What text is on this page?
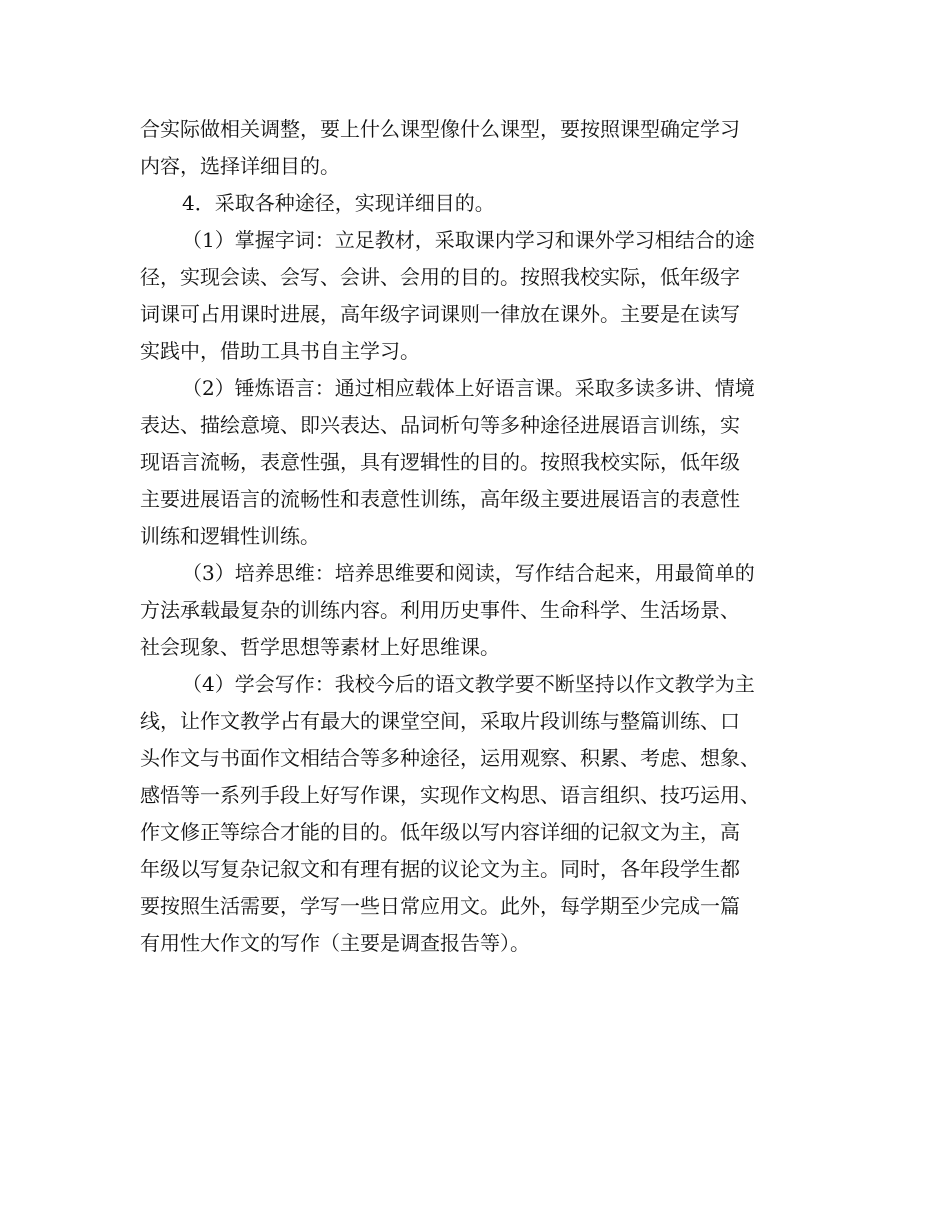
合实际做相关调整，要上什么课型像什么课型，要按照课型确定学习
内容，选择详细目的。
4．采取各种途径，实现详细目的。
（1）掌握字词：立足教材，采取课内学习和课外学习相结合的途
径，实现会读、会写、会讲、会用的目的。按照我校实际，低年级字
词课可占用课时进展，高年级字词课则一律放在课外。主要是在读写
实践中，借助工具书自主学习。
（2）锤炼语言：通过相应载体上好语言课。采取多读多讲、情境
表达、描绘意境、即兴表达、品词析句等多种途径进展语言训练，实
现语言流畅，表意性强，具有逻辑性的目的。按照我校实际，低年级
主要进展语言的流畅性和表意性训练，高年级主要进展语言的表意性
训练和逻辑性训练。
（3）培养思维：培养思维要和阅读，写作结合起来，用最简单的
方法承载最复杂的训练内容。利用历史事件、生命科学、生活场景、
社会现象、哲学思想等素材上好思维课。
（4）学会写作：我校今后的语文教学要不断坚持以作文教学为主
线，让作文教学占有最大的课堂空间，采取片段训练与整篇训练、口
头作文与书面作文相结合等多种途径，运用观察、积累、考虑、想象、
感悟等一系列手段上好写作课，实现作文构思、语言组织、技巧运用、
作文修正等综合才能的目的。低年级以写内容详细的记叙文为主，高
年级以写复杂记叙文和有理有据的议论文为主。同时，各年段学生都
要按照生活需要，学写一些日常应用文。此外，每学期至少完成一篇
有用性大作文的写作（主要是调查报告等）。
